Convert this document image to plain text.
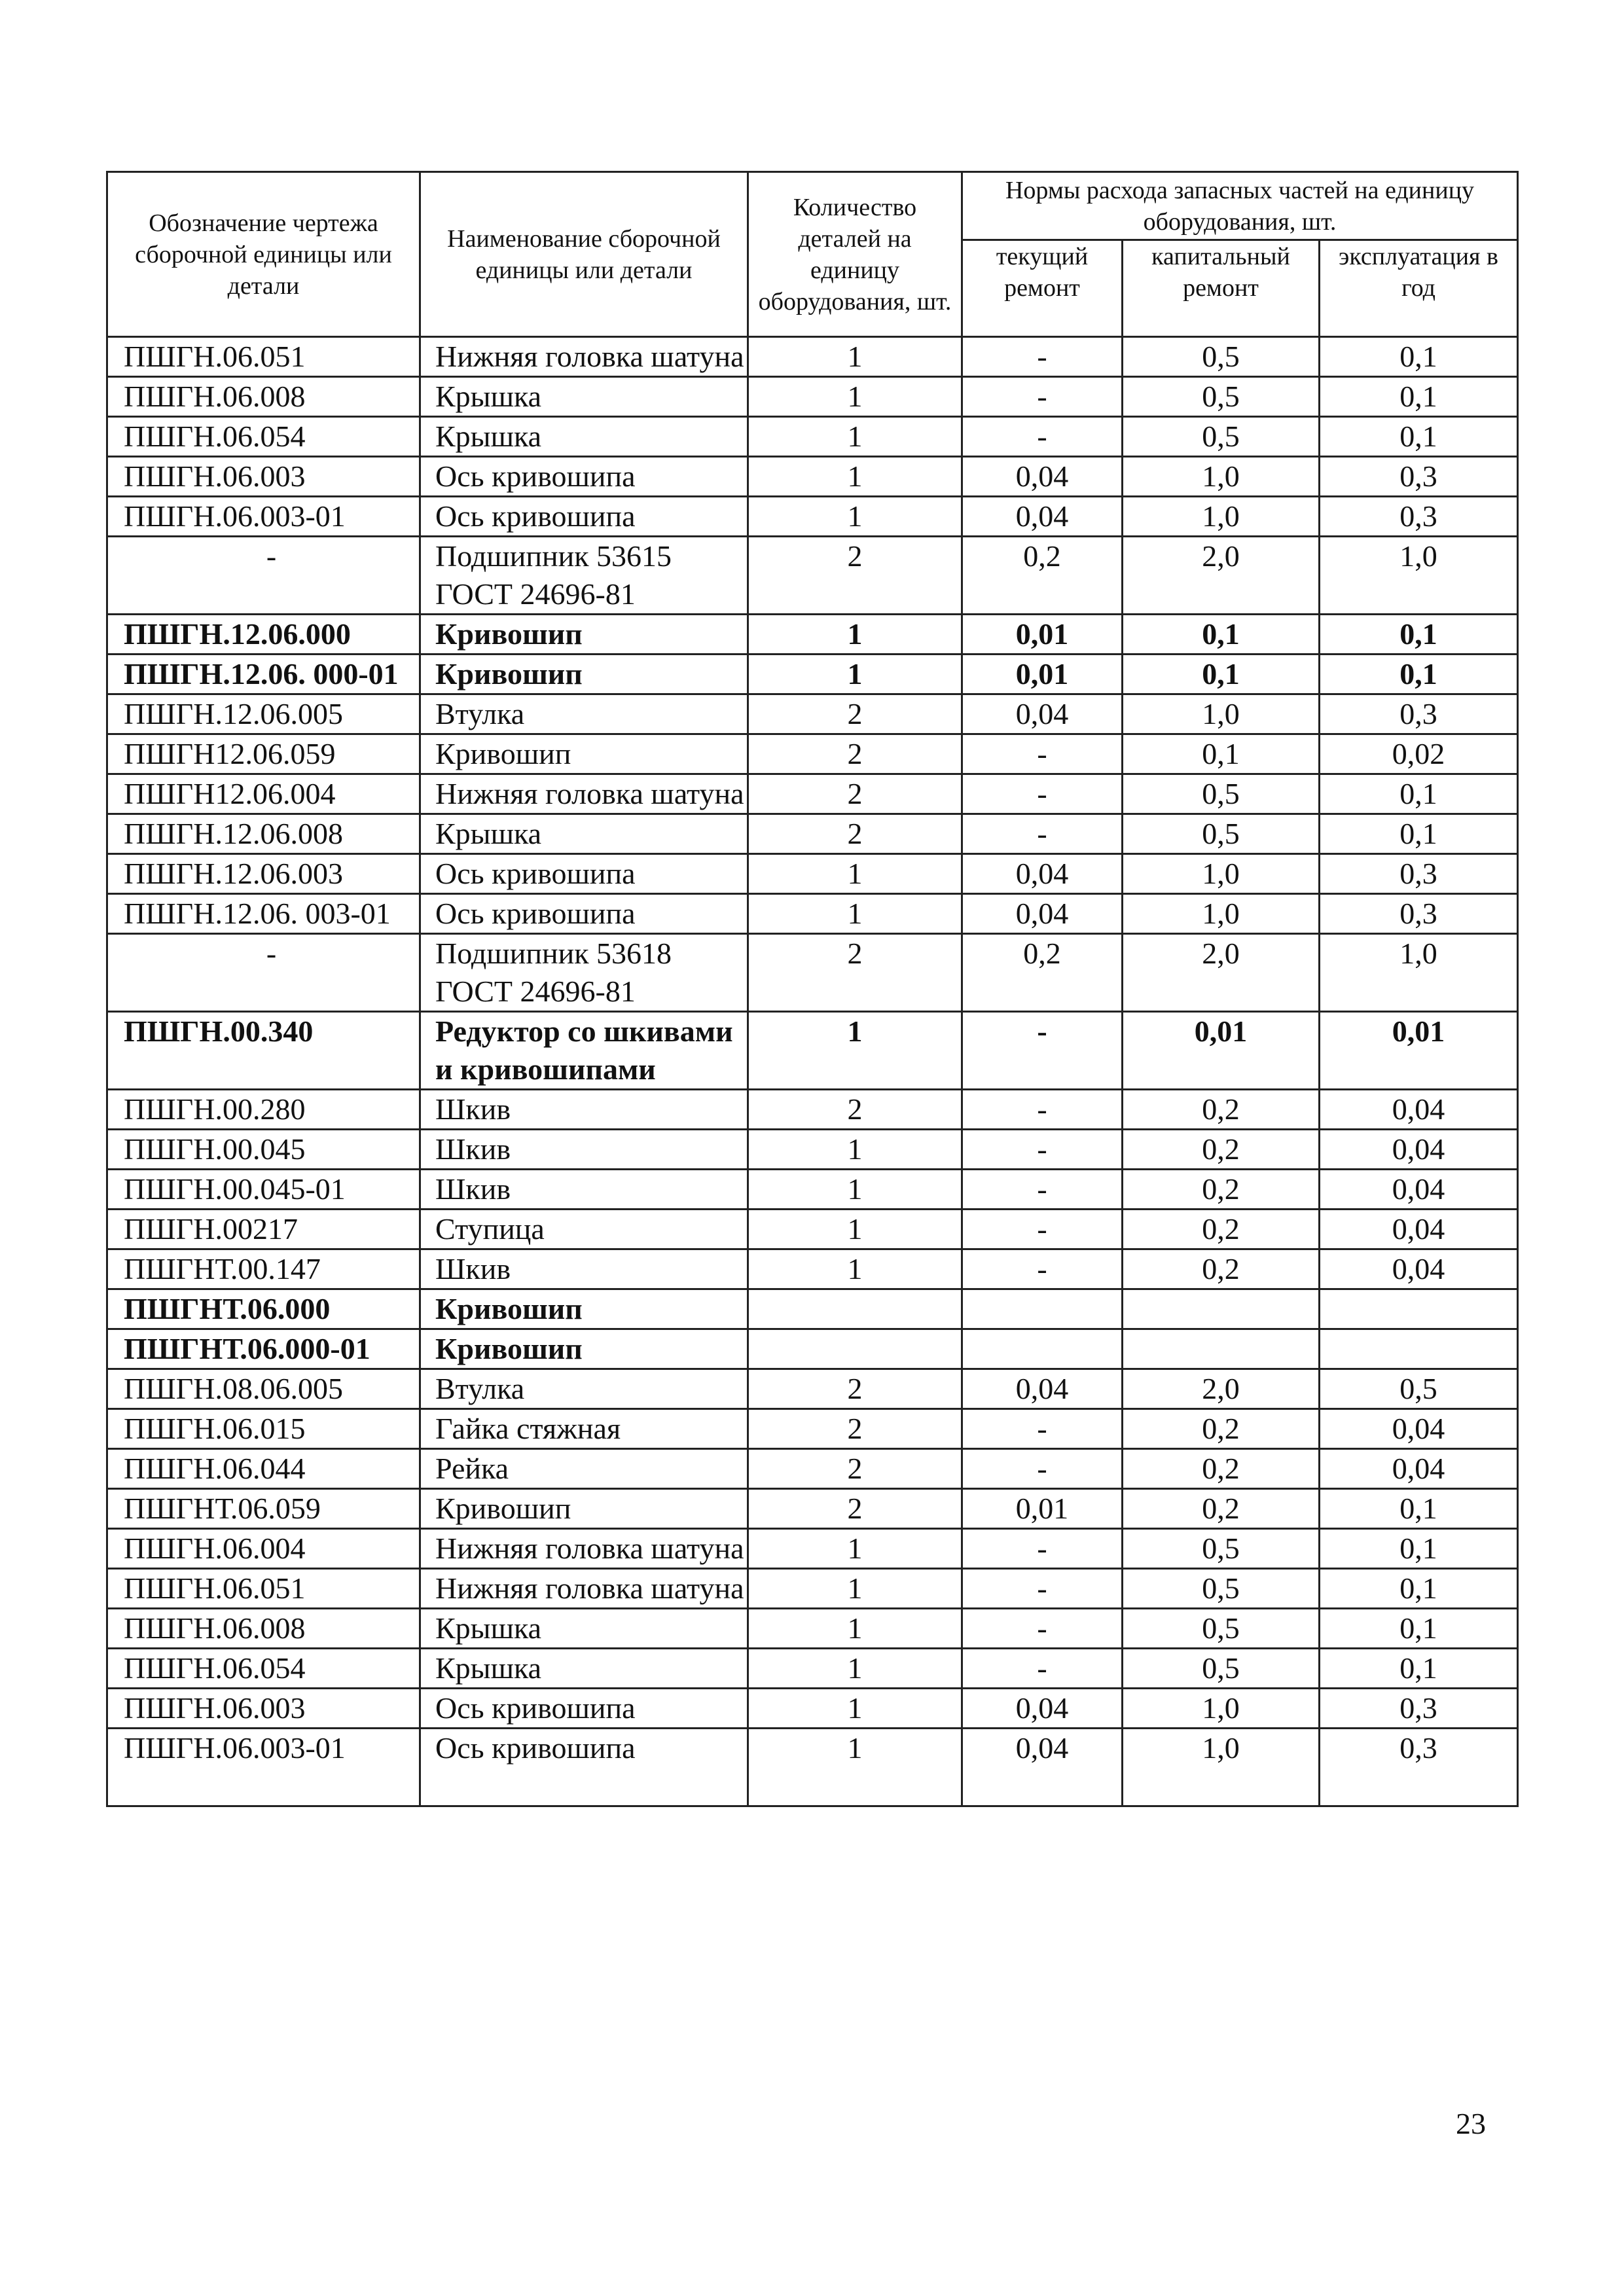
Обозначение чертежа сборочной единицы или детали	Наименование сборочной единицы или детали	Количество деталей на единицу оборудования, шт.	Нормы расхода запасных частей на единицу оборудования, шт.		
			текущий ремонт	капитальный ремонт	эксплуатация в год
ПШГН.06.051	Нижняя головка шатуна	1	-	0,5	0,1
ПШГН.06.008	Крышка	1	-	0,5	0,1
ПШГН.06.054	Крышка	1	-	0,5	0,1
ПШГН.06.003	Ось кривошипа	1	0,04	1,0	0,3
ПШГН.06.003-01	Ось кривошипа	1	0,04	1,0	0,3
-	Подшипник 53615 ГОСТ 24696-81	2	0,2	2,0	1,0
ПШГН.12.06.000	Кривошип	1	0,01	0,1	0,1
ПШГН.12.06. 000-01	Кривошип	1	0,01	0,1	0,1
ПШГН.12.06.005	Втулка	2	0,04	1,0	0,3
ПШГН12.06.059	Кривошип	2	-	0,1	0,02
ПШГН12.06.004	Нижняя головка шатуна	2	-	0,5	0,1
ПШГН.12.06.008	Крышка	2	-	0,5	0,1
ПШГН.12.06.003	Ось кривошипа	1	0,04	1,0	0,3
ПШГН.12.06. 003-01	Ось кривошипа	1	0,04	1,0	0,3
-	Подшипник 53618 ГОСТ 24696-81	2	0,2	2,0	1,0
ПШГН.00.340	Редуктор со шкивами и кривошипами	1	-	0,01	0,01
ПШГН.00.280	Шкив	2	-	0,2	0,04
ПШГН.00.045	Шкив	1	-	0,2	0,04
ПШГН.00.045-01	Шкив	1	-	0,2	0,04
ПШГН.00217	Ступица	1	-	0,2	0,04
ПШГНТ.00.147	Шкив	1	-	0,2	0,04
ПШГНТ.06.000	Кривошип				
ПШГНТ.06.000-01	Кривошип				
ПШГН.08.06.005	Втулка	2	0,04	2,0	0,5
ПШГН.06.015	Гайка стяжная	2	-	0,2	0,04
ПШГН.06.044	Рейка	2	-	0,2	0,04
ПШГНТ.06.059	Кривошип	2	0,01	0,2	0,1
ПШГН.06.004	Нижняя головка шатуна	1	-	0,5	0,1
ПШГН.06.051	Нижняя головка шатуна	1	-	0,5	0,1
ПШГН.06.008	Крышка	1	-	0,5	0,1
ПШГН.06.054	Крышка	1	-	0,5	0,1
ПШГН.06.003	Ось кривошипа	1	0,04	1,0	0,3
ПШГН.06.003-01	Ось кривошипа	1	0,04	1,0	0,3
23
